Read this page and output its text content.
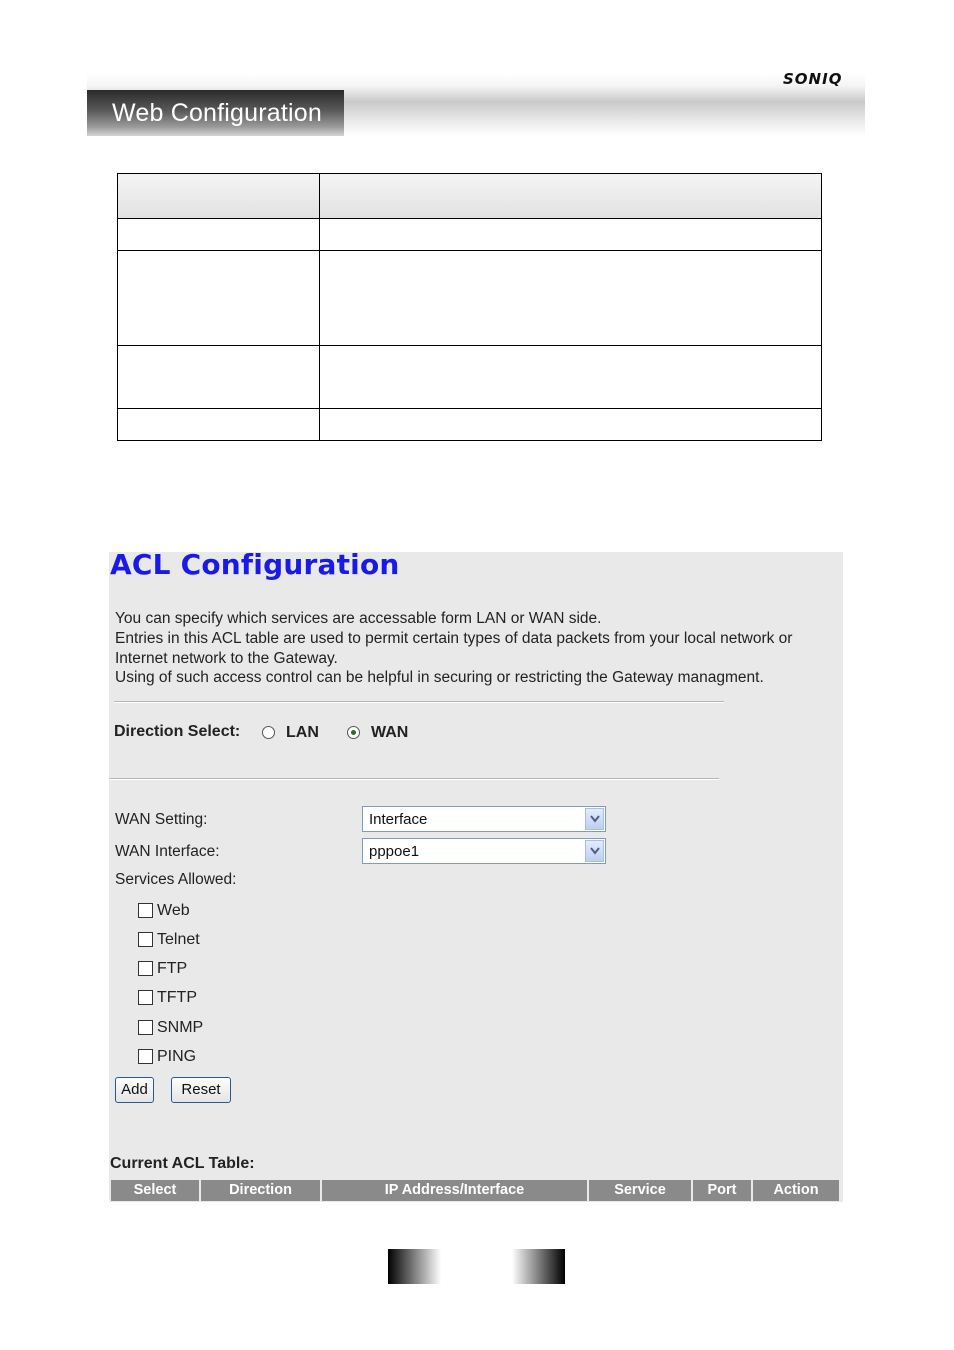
Web Configuration
SONIQ
ACL Configuration
You can specify which services are accessable form LAN or WAN side.
Entries in this ACL table are used to permit certain types of data packets from your local network or
Internet network to the Gateway.
Using of such access control can be helpful in securing or restricting the Gateway managment.
Direction Select:	LAN	WAN
WAN Setting:	Interface
WAN Interface:	pppoe1
Services Allowed:
Web
Telnet
FTP
TFTP
SNMP
PING
Add	Reset
Current ACL Table:
Select	Direction	IP Address/Interface	Service	Port	Action
